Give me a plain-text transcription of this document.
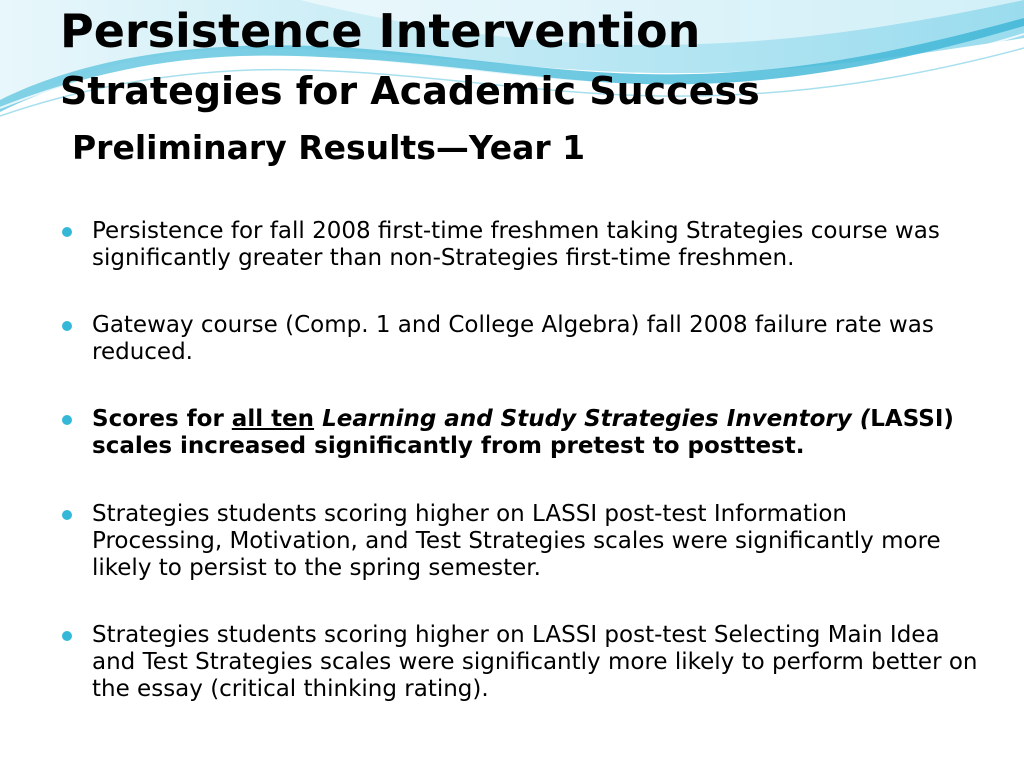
Persistence Intervention
Strategies for Academic Success
Preliminary Results—Year 1
Persistence for fall 2008 first-time freshmen taking Strategies course was significantly greater than non-Strategies first-time freshmen.
Gateway course (Comp. 1 and College Algebra) fall 2008 failure rate was reduced.
Scores for all ten Learning and Study Strategies Inventory (LASSI) scales increased significantly from pretest to posttest.
Strategies students scoring higher on LASSI post-test Information Processing, Motivation, and Test Strategies scales were significantly more likely to persist to the spring semester.
Strategies students scoring higher on LASSI post-test Selecting Main Idea and Test Strategies scales were significantly more likely to perform better on the essay (critical thinking rating).
